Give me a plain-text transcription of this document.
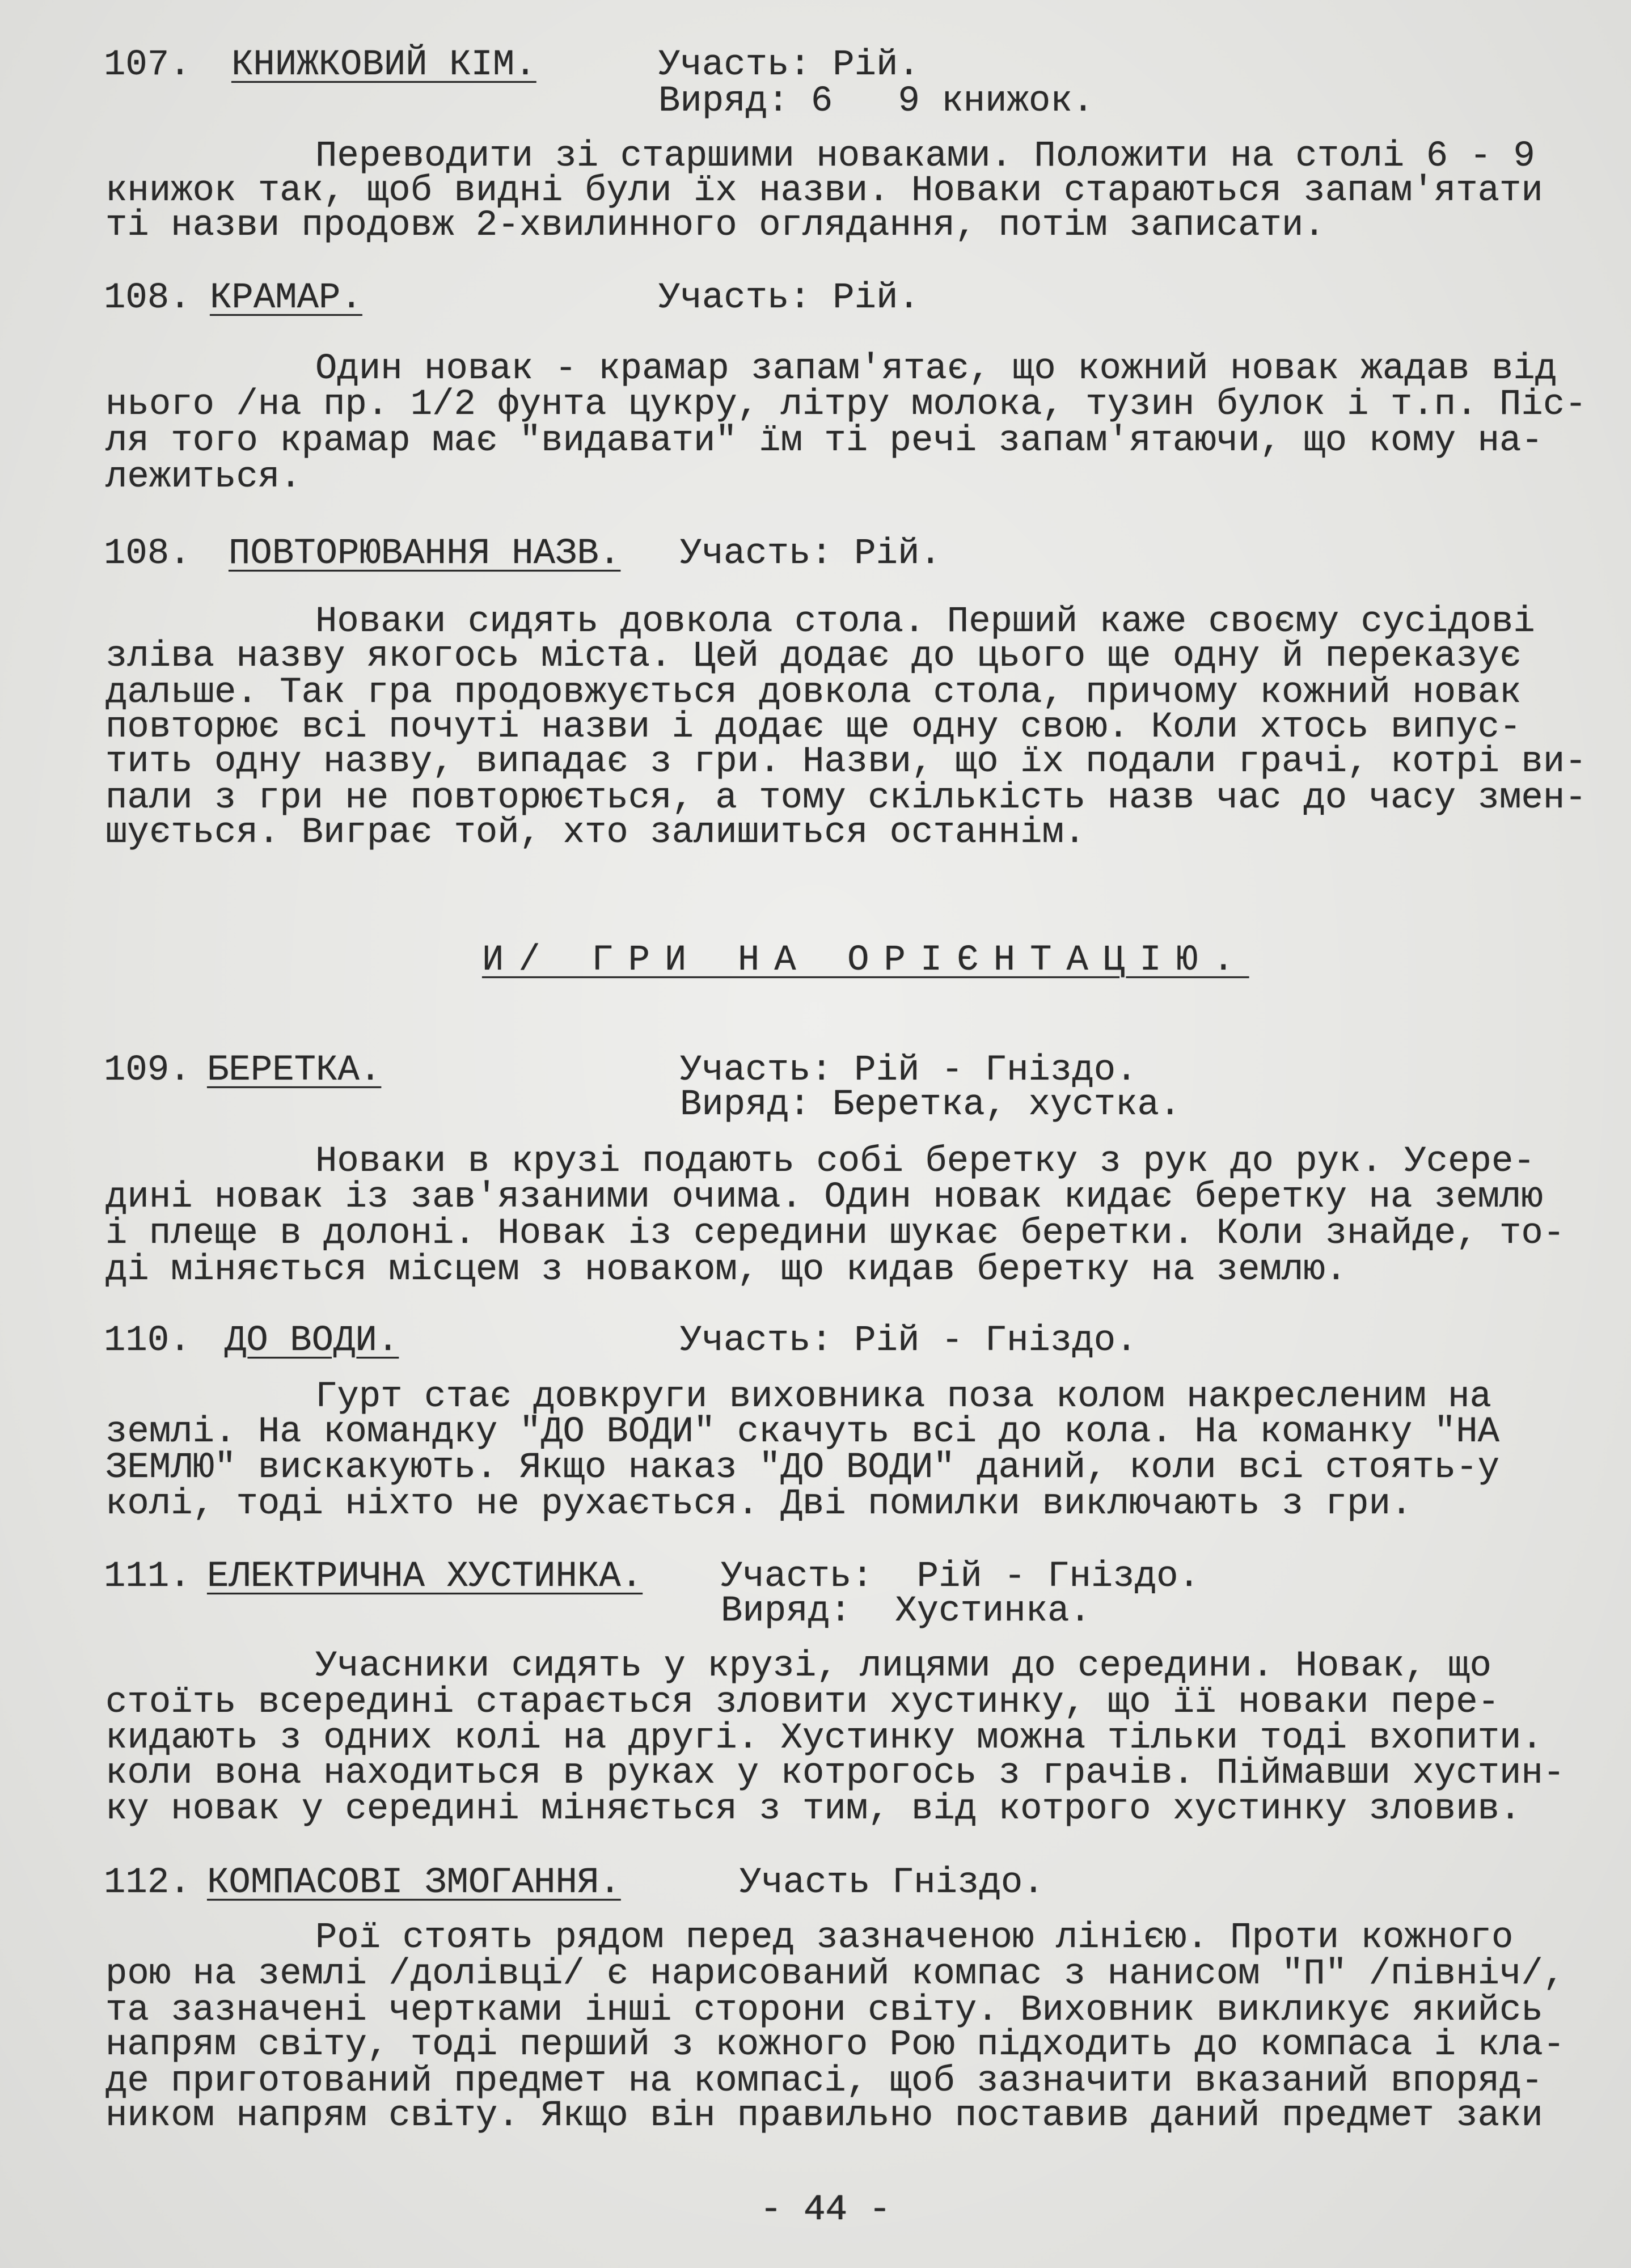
107. КНИЖКОВИЙ КІМ.	Участь: Рій.
Виряд: 6   9 книжок.
Переводити зі старшими новаками. Положити на столі 6 - 9
книжок так, щоб видні були їх назви. Новаки стараються запам'ятати
ті назви продовж 2-хвилинного оглядання, потім записати.
108. КРАМАР.	Участь: Рій.
Один новак - крамар запам'ятає, що кожний новак жадав від
нього /на пр. 1/2 фунта цукру, літру молока, тузин булок і т.п. Піс-
ля того крамар має "видавати" їм ті речі запам'ятаючи, що кому на-
лежиться.
108. ПОВТОРЮВАННЯ НАЗВ. Участь: Рій.
Новаки сидять довкола стола. Перший каже своєму сусідові
зліва назву якогось міста. Цей додає до цього ще одну й переказує
дальше. Так гра продовжується довкола стола, причому кожний новак
повторює всі почуті назви і додає ще одну свою. Коли хтось випус-
тить одну назву, випадає з гри. Назви, що їх подали грачі, котрі ви-
пали з гри не повторюється, а тому скількість назв час до часу змен-
шується. Виграє той, хто залишиться останнім.
И/ ГРИ НА ОРІЄНТАЦІЮ.
109. БЕРЕТКА.	Участь: Рій - Гніздо.
Виряд: Беретка, хустка.
Новаки в крузі подають собі беретку з рук до рук. Усере-
дині новак із зав'язаними очима. Один новак кидає беретку на землю
і плеще в долоні. Новак із середини шукає беретки. Коли знайде, то-
ді міняється місцем з новаком, що кидав беретку на землю.
110. ДО ВОДИ.	Участь: Рій - Гніздо.
Гурт стає довкруги виховника поза колом накресленим на
землі. На командку "ДО ВОДИ" скачуть всі до кола. На команку "НА
ЗЕМЛЮ" вискакують. Якщо наказ "ДО ВОДИ" даний, коли всі стоять-у
колі, тоді ніхто не рухається. Дві помилки виключають з гри.
111. ЕЛЕКТРИЧНА ХУСТИНКА. Участь:  Рій - Гніздо.
Виряд:  Хустинка.
Учасники сидять у крузі, лицями до середини. Новак, що
стоїть всередині старається зловити хустинку, що її новаки пере-
кидають з одних колі на другі. Хустинку можна тільки тоді вхопити.
коли вона находиться в руках у котрогось з грачів. Піймавши хустин-
ку новак у середині міняється з тим, від котрого хустинку зловив.
112. КОМПАСОВІ ЗМОГАННЯ.	Участь Гніздо.
Рої стоять рядом перед зазначеною лінією. Проти кожного
рою на землі /долівці/ є нарисований компас з нанисом "П" /північ/,
та зазначені чертками інші сторони світу. Виховник викликує якийсь
напрям світу, тоді перший з кожного Рою підходить до компаса і кла-
де приготований предмет на компасі, щоб зазначити вказаний впоряд-
ником напрям світу. Якщо він правильно поставив даний предмет заки
- 44 -
